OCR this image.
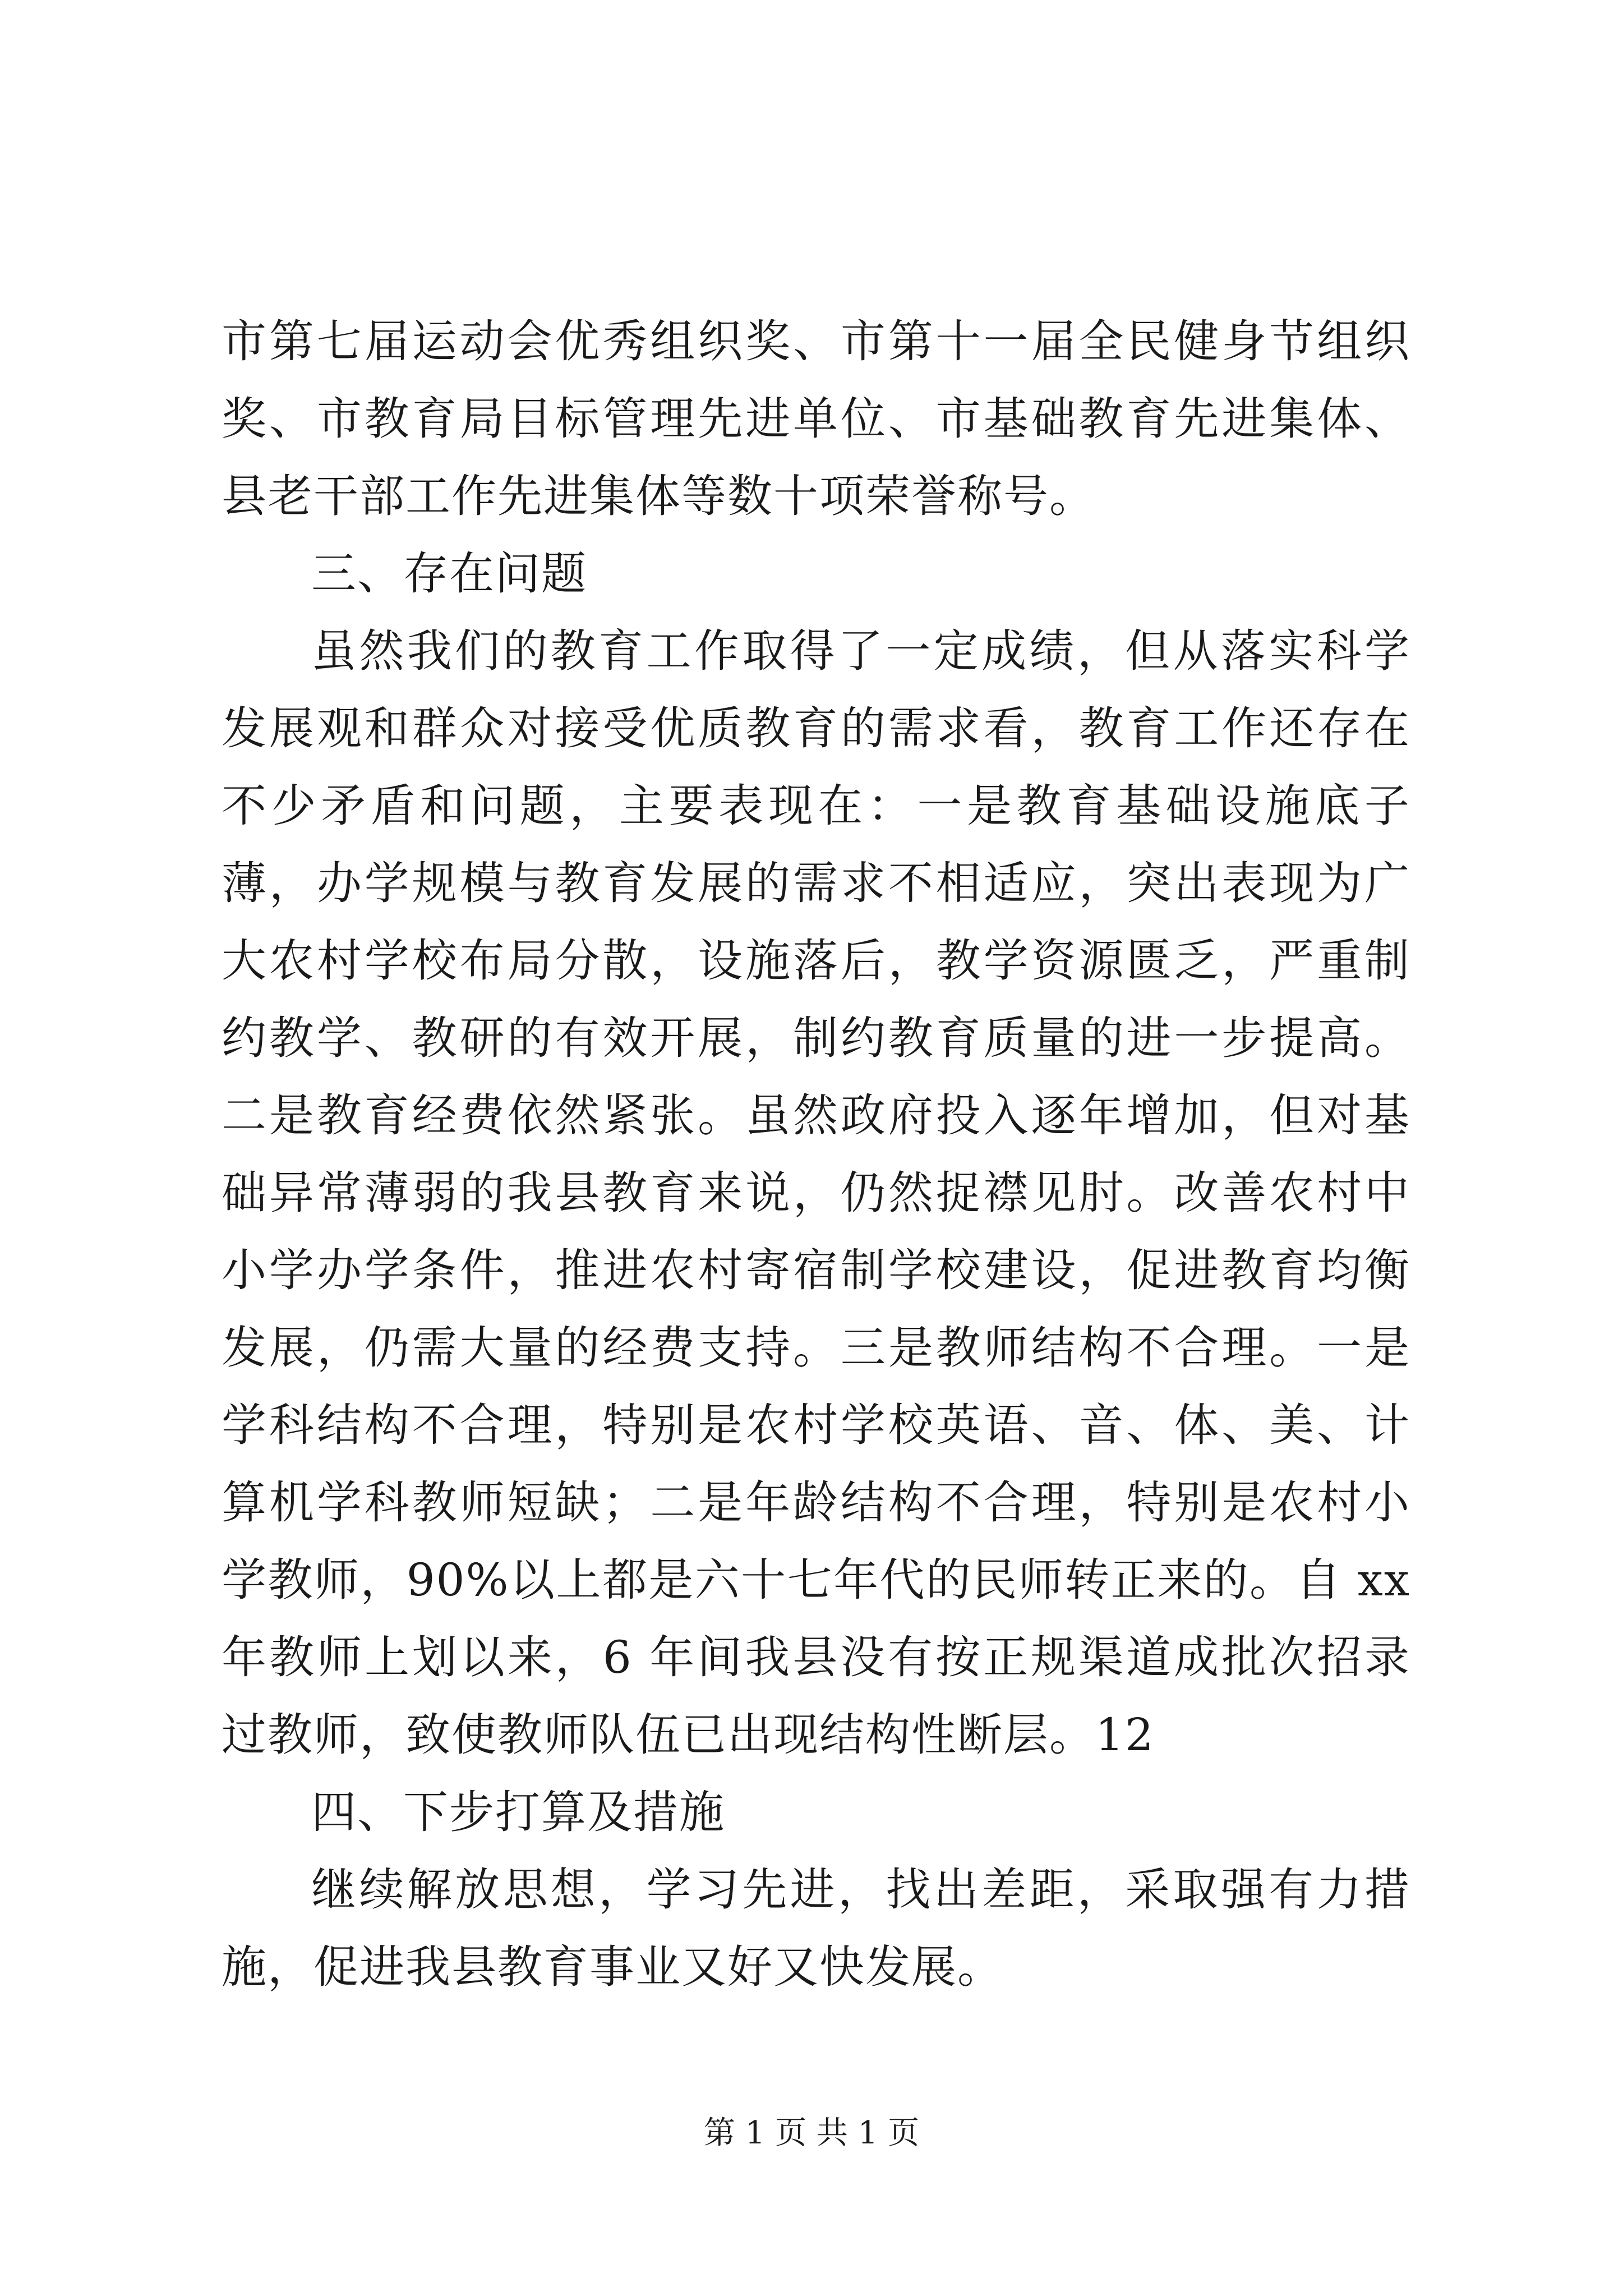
市第七届运动会优秀组织奖、市第十一届全民健身节组织奖、市教育局目标管理先进单位、市基础教育先进集体、县老干部工作先进集体等数十项荣誉称号。

三、存在问题

虽然我们的教育工作取得了一定成绩，但从落实科学发展观和群众对接受优质教育的需求看，教育工作还存在不少矛盾和问题，主要表现在：一是教育基础设施底子薄，办学规模与教育发展的需求不相适应，突出表现为广大农村学校布局分散，设施落后，教学资源匮乏，严重制约教学、教研的有效开展，制约教育质量的进一步提高。二是教育经费依然紧张。虽然政府投入逐年增加，但对基础异常薄弱的我县教育来说，仍然捉襟见肘。改善农村中小学办学条件，推进农村寄宿制学校建设，促进教育均衡发展，仍需大量的经费支持。三是教师结构不合理。一是学科结构不合理，特别是农村学校英语、音、体、美、计算机学科教师短缺；二是年龄结构不合理，特别是农村小学教师，90%以上都是六十七年代的民师转正来的。自 xx 年教师上划以来，6 年间我县没有按正规渠道成批次招录过教师，致使教师队伍已出现结构性断层。12

四、下步打算及措施

继续解放思想，学习先进，找出差距，采取强有力措施，促进我县教育事业又好又快发展。

第 1 页 共 1 页
